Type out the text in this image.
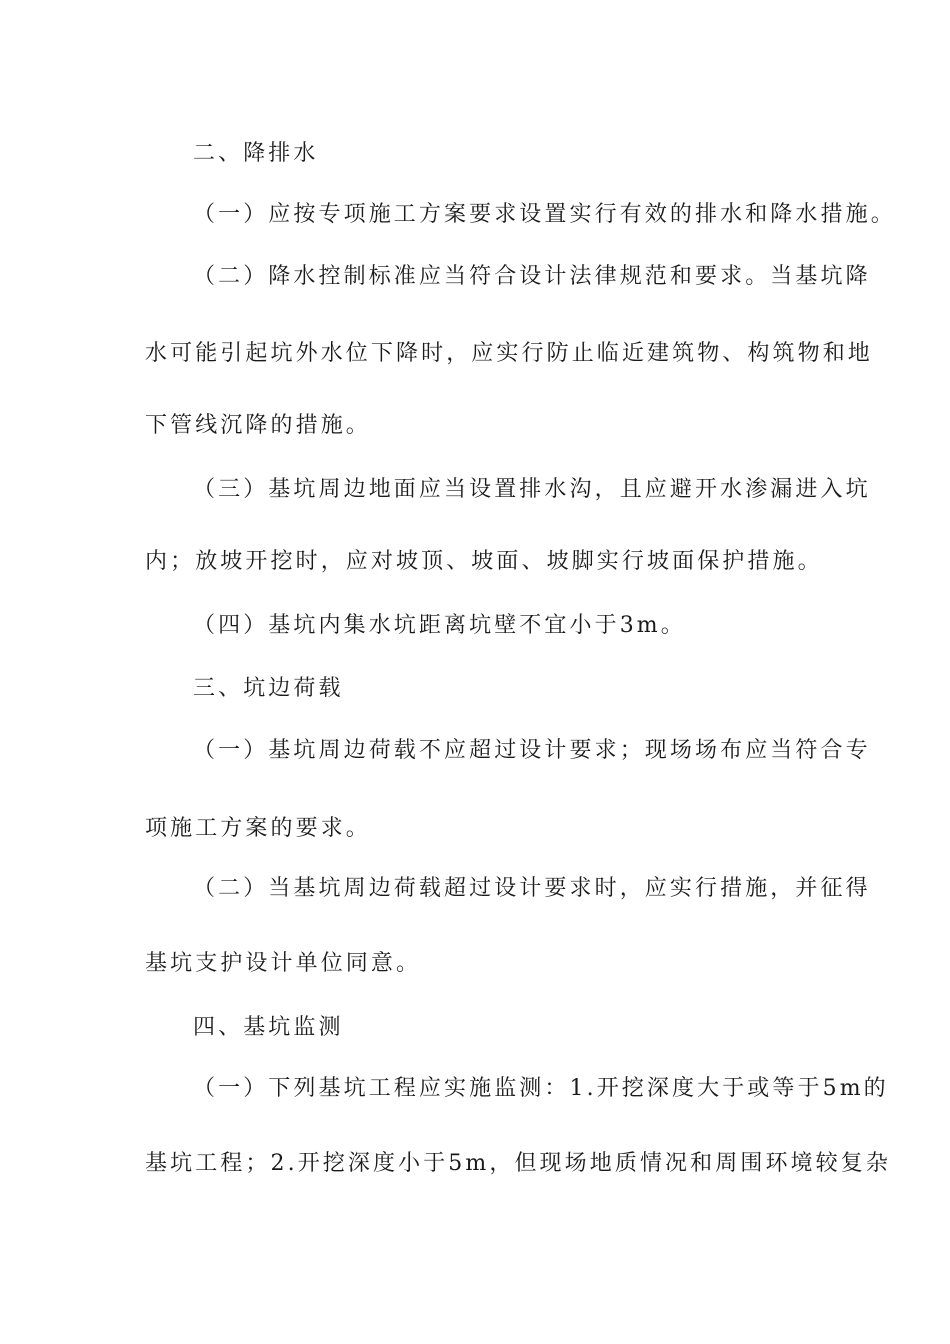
二、降排水
（一）应按专项施工方案要求设置实行有效的排水和降水措施。
（二）降水控制标准应当符合设计法律规范和要求。当基坑降
水可能引起坑外水位下降时，应实行防止临近建筑物、构筑物和地
下管线沉降的措施。
（三）基坑周边地面应当设置排水沟，且应避开水渗漏进入坑
内；放坡开挖时，应对坡顶、坡面、坡脚实行坡面保护措施。
（四）基坑内集水坑距离坑壁不宜小于3m。
三、坑边荷载
（一）基坑周边荷载不应超过设计要求；现场场布应当符合专
项施工方案的要求。
（二）当基坑周边荷载超过设计要求时，应实行措施，并征得
基坑支护设计单位同意。
四、基坑监测
（一）下列基坑工程应实施监测：1.开挖深度大于或等于5m的
基坑工程；2.开挖深度小于5m，但现场地质情况和周围环境较复杂
